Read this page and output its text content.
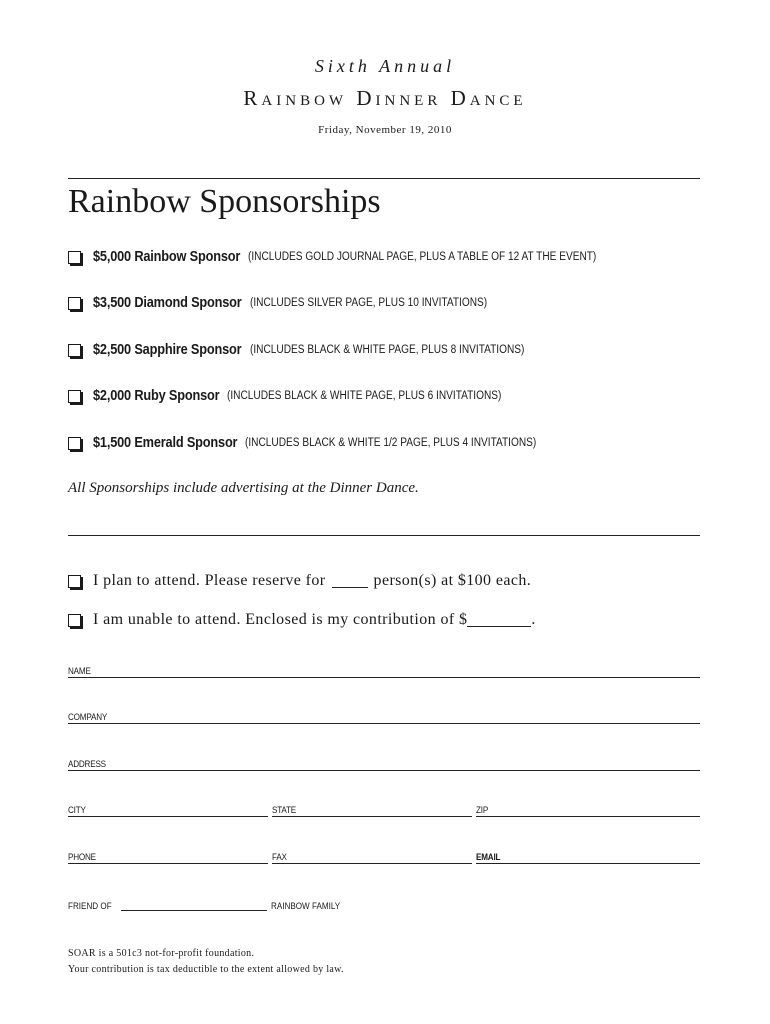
Sixth Annual
Rainbow Dinner Dance
Friday, November 19, 2010
Rainbow Sponsorships
$5,000 Rainbow Sponsor (INCLUDES GOLD JOURNAL PAGE, PLUS A TABLE OF 12 AT THE EVENT)
$3,500 Diamond Sponsor (INCLUDES SILVER PAGE, PLUS 10 INVITATIONS)
$2,500 Sapphire Sponsor (INCLUDES BLACK & WHITE PAGE, PLUS 8 INVITATIONS)
$2,000 Ruby Sponsor (INCLUDES BLACK & WHITE PAGE, PLUS 6 INVITATIONS)
$1,500 Emerald Sponsor (INCLUDES BLACK & WHITE 1/2 PAGE, PLUS 4 INVITATIONS)
All Sponsorships include advertising at the Dinner Dance.
I plan to attend. Please reserve for	person(s) at $100 each.
I am unable to attend. Enclosed is my contribution of $	.
NAME
COMPANY
ADDRESS
CITY	STATE	ZIP
PHONE	FAX	EMAIL
FRIEND OF	RAINBOW FAMILY
SOAR is a 501c3 not-for-profit foundation.
Your contribution is tax deductible to the extent allowed by law.
